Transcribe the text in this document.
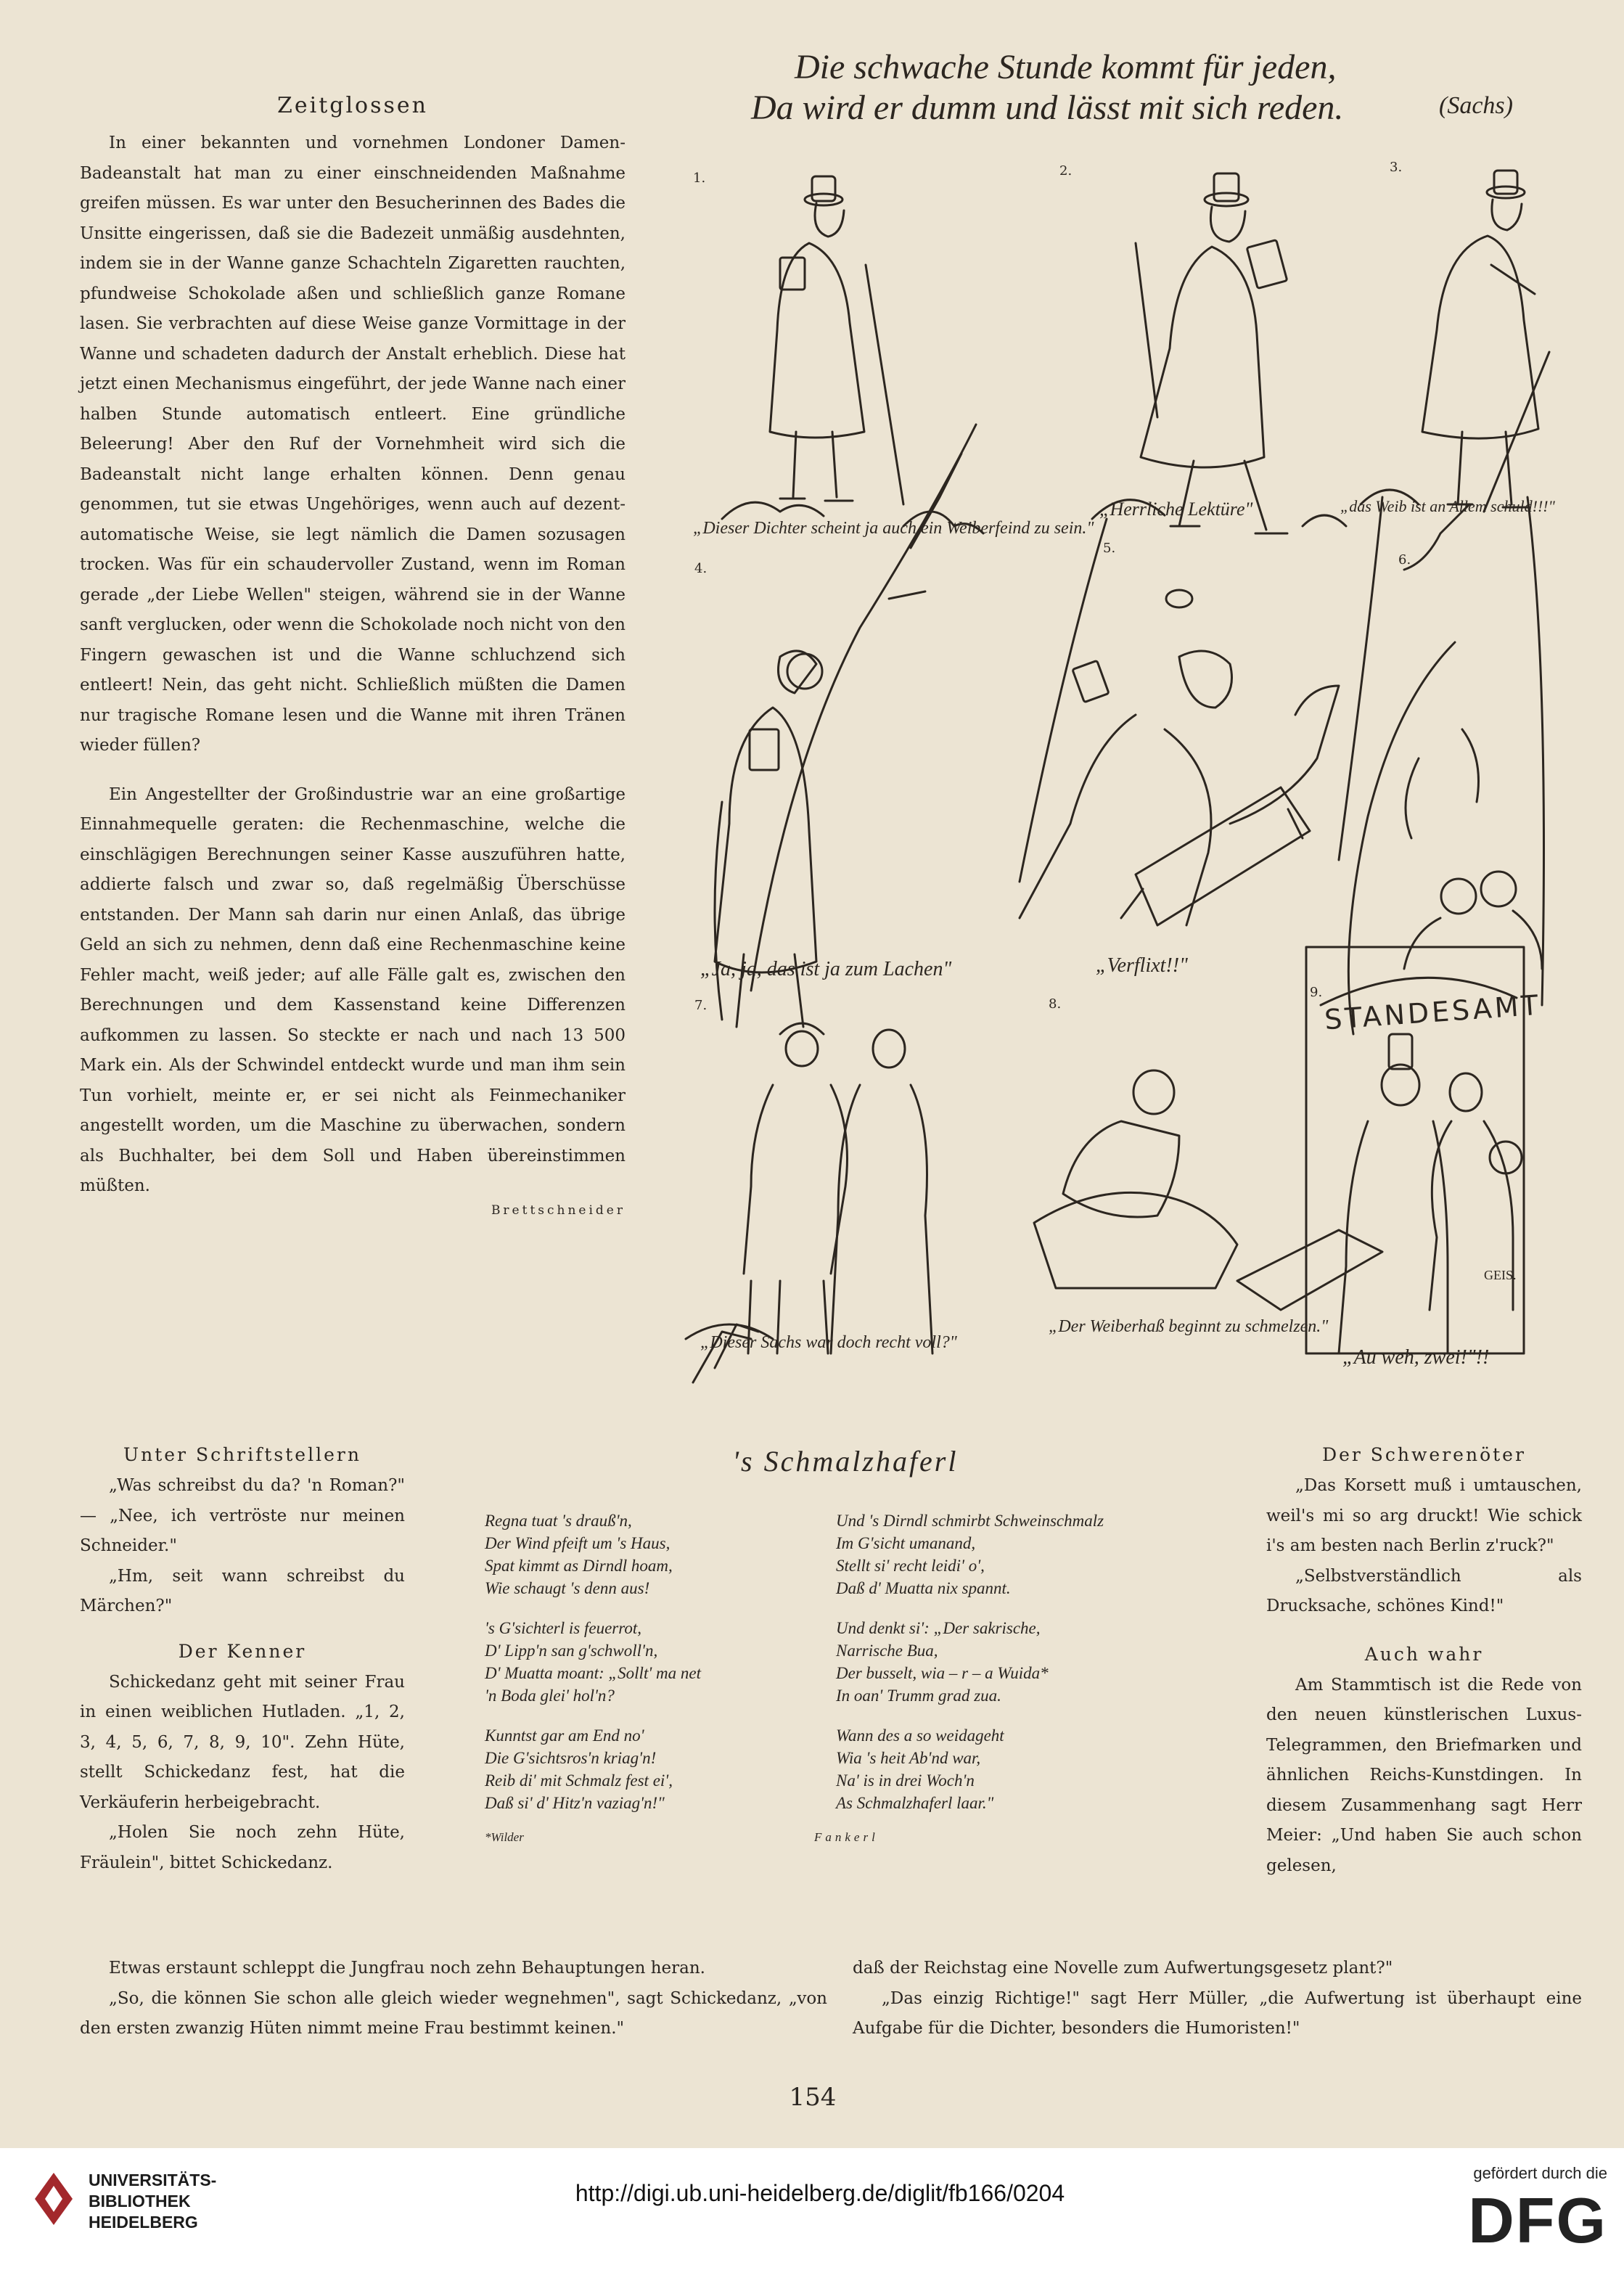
Zeitglossen

In einer bekannten und vornehmen Londoner Damen-Badeanstalt hat man zu einer einschneidenden Maßnahme greifen müssen. Es war unter den Besucherinnen des Bades die Unsitte eingerissen, daß sie die Badezeit unmäßig ausdehnten, indem sie in der Wanne ganze Schachteln Zigaretten rauchten, pfundweise Schokolade aßen und schließlich ganze Romane lasen. Sie verbrachten auf diese Weise ganze Vormittage in der Wanne und schadeten dadurch der Anstalt erheblich. Diese hat jetzt einen Mechanismus eingeführt, der jede Wanne nach einer halben Stunde automatisch entleert. Eine gründliche Beleerung! Aber den Ruf der Vornehmheit wird sich die Badeanstalt nicht lange erhalten können. Denn genau genommen, tut sie etwas Ungehöriges, wenn auch auf dezent-automatische Weise, sie legt nämlich die Damen sozusagen trocken. Was für ein schaudervoller Zustand, wenn im Roman gerade „der Liebe Wellen" steigen, während sie in der Wanne sanft verglucken, oder wenn die Schokolade noch nicht von den Fingern gewaschen ist und die Wanne schluchzend sich entleert! Nein, das geht nicht. Schließlich müßten die Damen nur tragische Romane lesen und die Wanne mit ihren Tränen wieder füllen?

Ein Angestellter der Großindustrie war an eine großartige Einnahmequelle geraten: die Rechenmaschine, welche die einschlägigen Berechnungen seiner Kasse auszuführen hatte, addierte falsch und zwar so, daß regelmäßig Überschüsse entstanden. Der Mann sah darin nur einen Anlaß, das übrige Geld an sich zu nehmen, denn daß eine Rechenmaschine keine Fehler macht, weiß jeder; auf alle Fälle galt es, zwischen den Berechnungen und dem Kassenstand keine Differenzen aufkommen zu lassen. So steckte er nach und nach 13 500 Mark ein. Als der Schwindel entdeckt wurde und man ihm sein Tun vorhielt, meinte er, er sei nicht als Feinmechaniker angestellt worden, um die Maschine zu überwachen, sondern als Buchhalter, bei dem Soll und Haben übereinstimmen müßten.

Brettschneider
Die schwache Stunde kommt für jeden,
Da wird er dumm und lässt mit sich reden.	(Sachs)
1.	2.	3.
4.
5.
6.
7.	8.
9.
„Dieser Dichter scheint ja auch ein Weiberfeind zu sein."
„Herrliche Lektüre"	„das Weib ist an Allem schuld!!!"
„Ja, ja, das ist ja zum Lachen"	„Verflixt!!"
„Dieser Sachs war doch recht voll?"
„Der Weiberhaß beginnt zu schmelzen."
„Au weh, zwei!"!!
STANDESAMT
GEIS.
Unter Schriftstellern

„Was schreibst du da? 'n Roman?" — „Nee, ich vertröste nur meinen Schneider."

„Hm, seit wann schreibst du Märchen?"

Der Kenner

Schickedanz geht mit seiner Frau in einen weiblichen Hutladen. „1, 2, 3, 4, 5, 6, 7, 8, 9, 10". Zehn Hüte, stellt Schickedanz fest, hat die Verkäuferin herbeigebracht.

„Holen Sie noch zehn Hüte, Fräulein", bittet Schickedanz.

Etwas erstaunt schleppt die Jungfrau noch zehn Behauptungen heran.

„So, die können Sie schon alle gleich wieder wegnehmen", sagt Schickedanz, „von den ersten zwanzig Hüten nimmt meine Frau bestimmt keinen."

's Schmalzhaferl
Regna tuat 's drauß'n,
Der Wind pfeift um 's Haus,
Spat kimmt as Dirndl hoam,
Wie schaugt 's denn aus!
's G'sichterl is feuerrot,
D' Lipp'n san g'schwoll'n,
D' Muatta moant: „Sollt' ma net
'n Boda glei' hol'n?
Kunntst gar am End no'
Die G'sichtsros'n kriag'n!
Reib di' mit Schmalz fest ei',
Daß si' d' Hitz'n vaziag'n!"
*Wilder
Und 's Dirndl schmirbt Schweinschmalz
Im G'sicht umanand,
Stellt si' recht leidi' o',
Daß d' Muatta nix spannt.
Und denkt si': „Der sakrische,
Narrische Bua,
Der busselt, wia – r – a Wuida*
In oan' Trumm grad zua.
Wann des a so weidageht
Wia 's heit Ab'nd war,
Na' is in drei Woch'n
As Schmalzhaferl laar."
Fankerl
Der Schwerenöter

„Das Korsett muß i umtauschen, weil's mi so arg druckt! Wie schick i's am besten nach Berlin z'ruck?"

„Selbstverständlich als Drucksache, schönes Kind!"

Auch wahr

Am Stammtisch ist die Rede von den neuen künstlerischen Luxus-Telegrammen, den Briefmarken und ähnlichen Reichs-Kunstdingen. In diesem Zusammenhang sagt Herr Meier: „Und haben Sie auch schon gelesen,

daß der Reichstag eine Novelle zum Aufwertungsgesetz plant?"

„Das einzig Richtige!" sagt Herr Müller, „die Aufwertung ist überhaupt eine Aufgabe für die Dichter, besonders die Humoristen!"

154
UNIVERSITÄTS-
BIBLIOTHEK
HEIDELBERG
http://digi.ub.uni-heidelberg.de/diglit/fb166/0204
gefördert durch die
DFG
